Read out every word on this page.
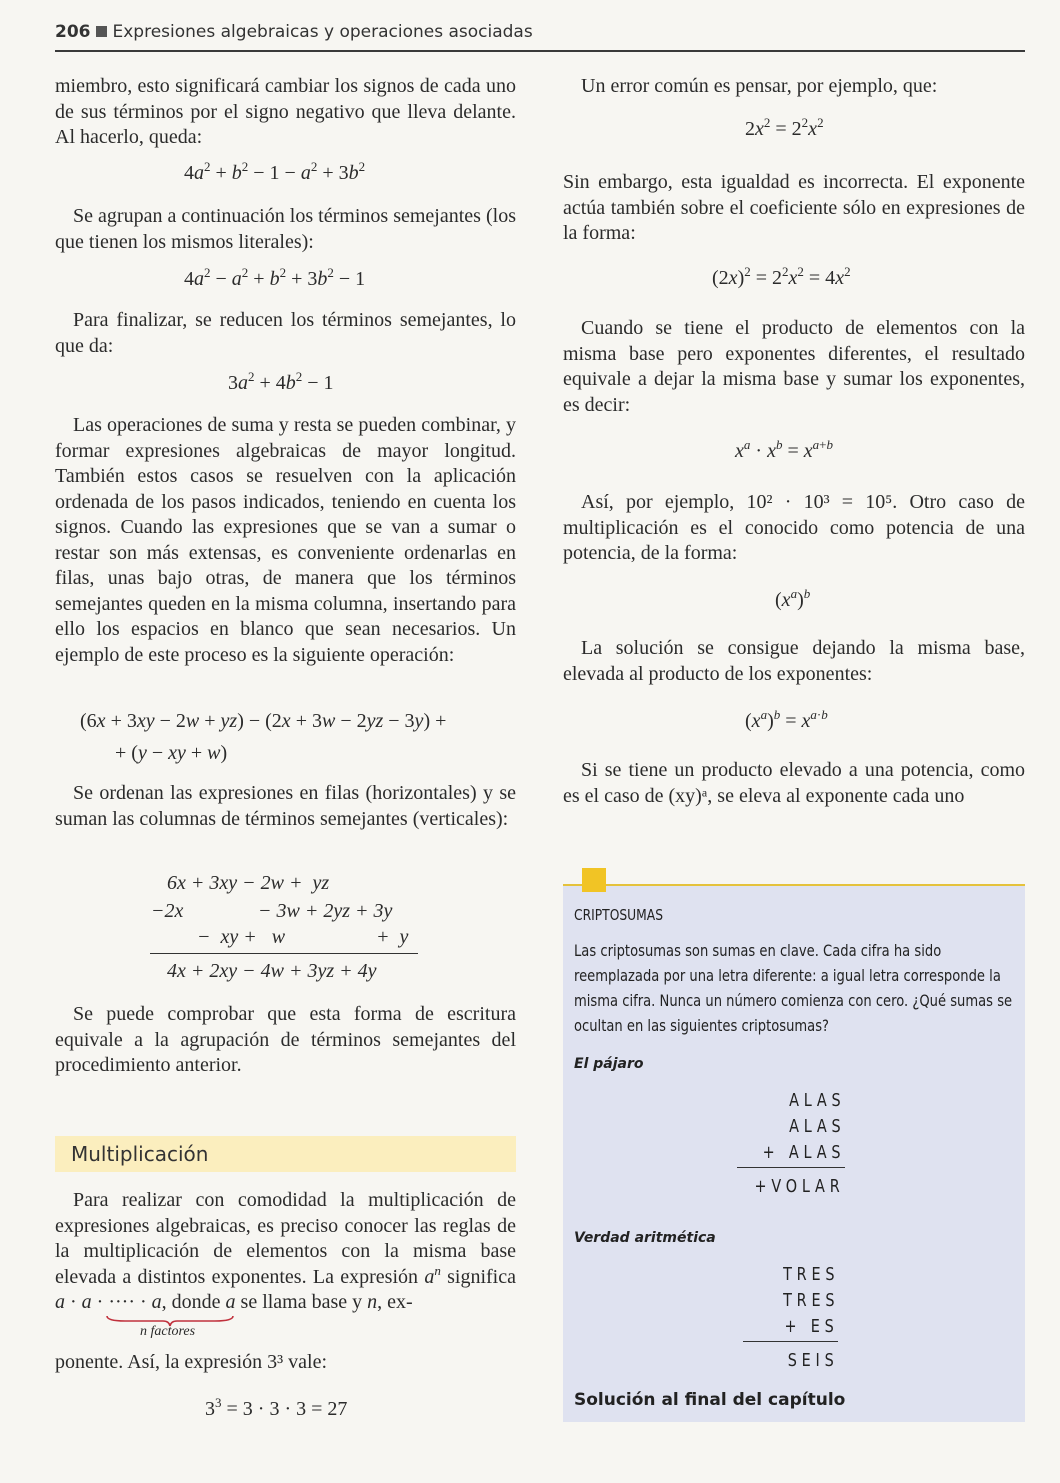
206 Expresiones algebraicas y operaciones asociadas

miembro, esto significará cambiar los signos de cada uno de sus términos por el signo negativo que lleva delante. Al hacerlo, queda:

$4a^2 + b^2 - 1 - a^2 + 3b^2$

Se agrupan a continuación los términos semejantes (los que tienen los mismos literales):

$4a^2 - a^2 + b^2 + 3b^2 - 1$

Para finalizar, se reducen los términos semejantes, lo que da:

$3a^2 + 4b^2 - 1$

Las operaciones de suma y resta se pueden combinar, y formar expresiones algebraicas de mayor longitud. También estos casos se resuelven con la aplicación ordenada de los pasos indicados, teniendo en cuenta los signos. Cuando las expresiones que se van a sumar o restar son más extensas, es conveniente ordenarlas en filas, unas bajo otras, de manera que los términos semejantes queden en la misma columna, insertando para ello los espacios en blanco que sean necesarios. Un ejemplo de este proceso es la siguiente operación:

(6x + 3xy − 2w + yz) − (2x + 3w − 2yz − 3y) +
+ (y − xy + w)

Se ordenan las expresiones en filas (horizontales) y se suman las columnas de términos semejantes (verticales):

6x + 3xy − 2w +  yz
−2x	− 3w + 2yz + 3y
−  xy +   w	+  y
4x + 2xy − 4w + 3yz + 4y

Se puede comprobar que esta forma de escritura equivale a la agrupación de términos semejantes del procedimiento anterior.

Multiplicación

Para realizar con comodidad la multiplicación de expresiones algebraicas, es preciso conocer las reglas de la multiplicación de elementos con la misma base elevada a distintos exponentes. La expresión $a^n$ significa a · a · ···· · a, donde a se llama base y n, ex-

n factores

ponente. Así, la expresión 3³ vale:

$3^3 = 3 \cdot 3 \cdot 3 = 27$

Un error común es pensar, por ejemplo, que:

$2x^2 = 2^2x^2$

Sin embargo, esta igualdad es incorrecta. El exponente actúa también sobre el coeficiente sólo en expresiones de la forma:

$(2x)^2 = 2^2x^2 = 4x^2$

Cuando se tiene el producto de elementos con la misma base pero exponentes diferentes, el resultado equivale a dejar la misma base y sumar los exponentes, es decir:

$x^a \cdot x^b = x^{a+b}$

Así, por ejemplo, 10² · 10³ = 10⁵. Otro caso de multiplicación es el conocido como potencia de una potencia, de la forma:

$(x^a)^b$

La solución se consigue dejando la misma base, elevada al producto de los exponentes:

$(x^a)^b = x^{a\cdot b}$

Si se tiene un producto elevado a una potencia, como es el caso de (xy)ᵃ, se eleva al exponente cada uno

CRIPTOSUMAS
Las criptosumas son sumas en clave. Cada cifra ha sido reemplazada por una letra diferente: a igual letra corresponde la misma cifra. Nunca un número comienza con cero. ¿Qué sumas se ocultan en las siguientes criptosumas?
El pájaro
ALAS
ALAS
+ ALAS
+VOLAR
Verdad aritmética
TRES
TRES
+ ES
SEIS
Solución al final del capítulo
